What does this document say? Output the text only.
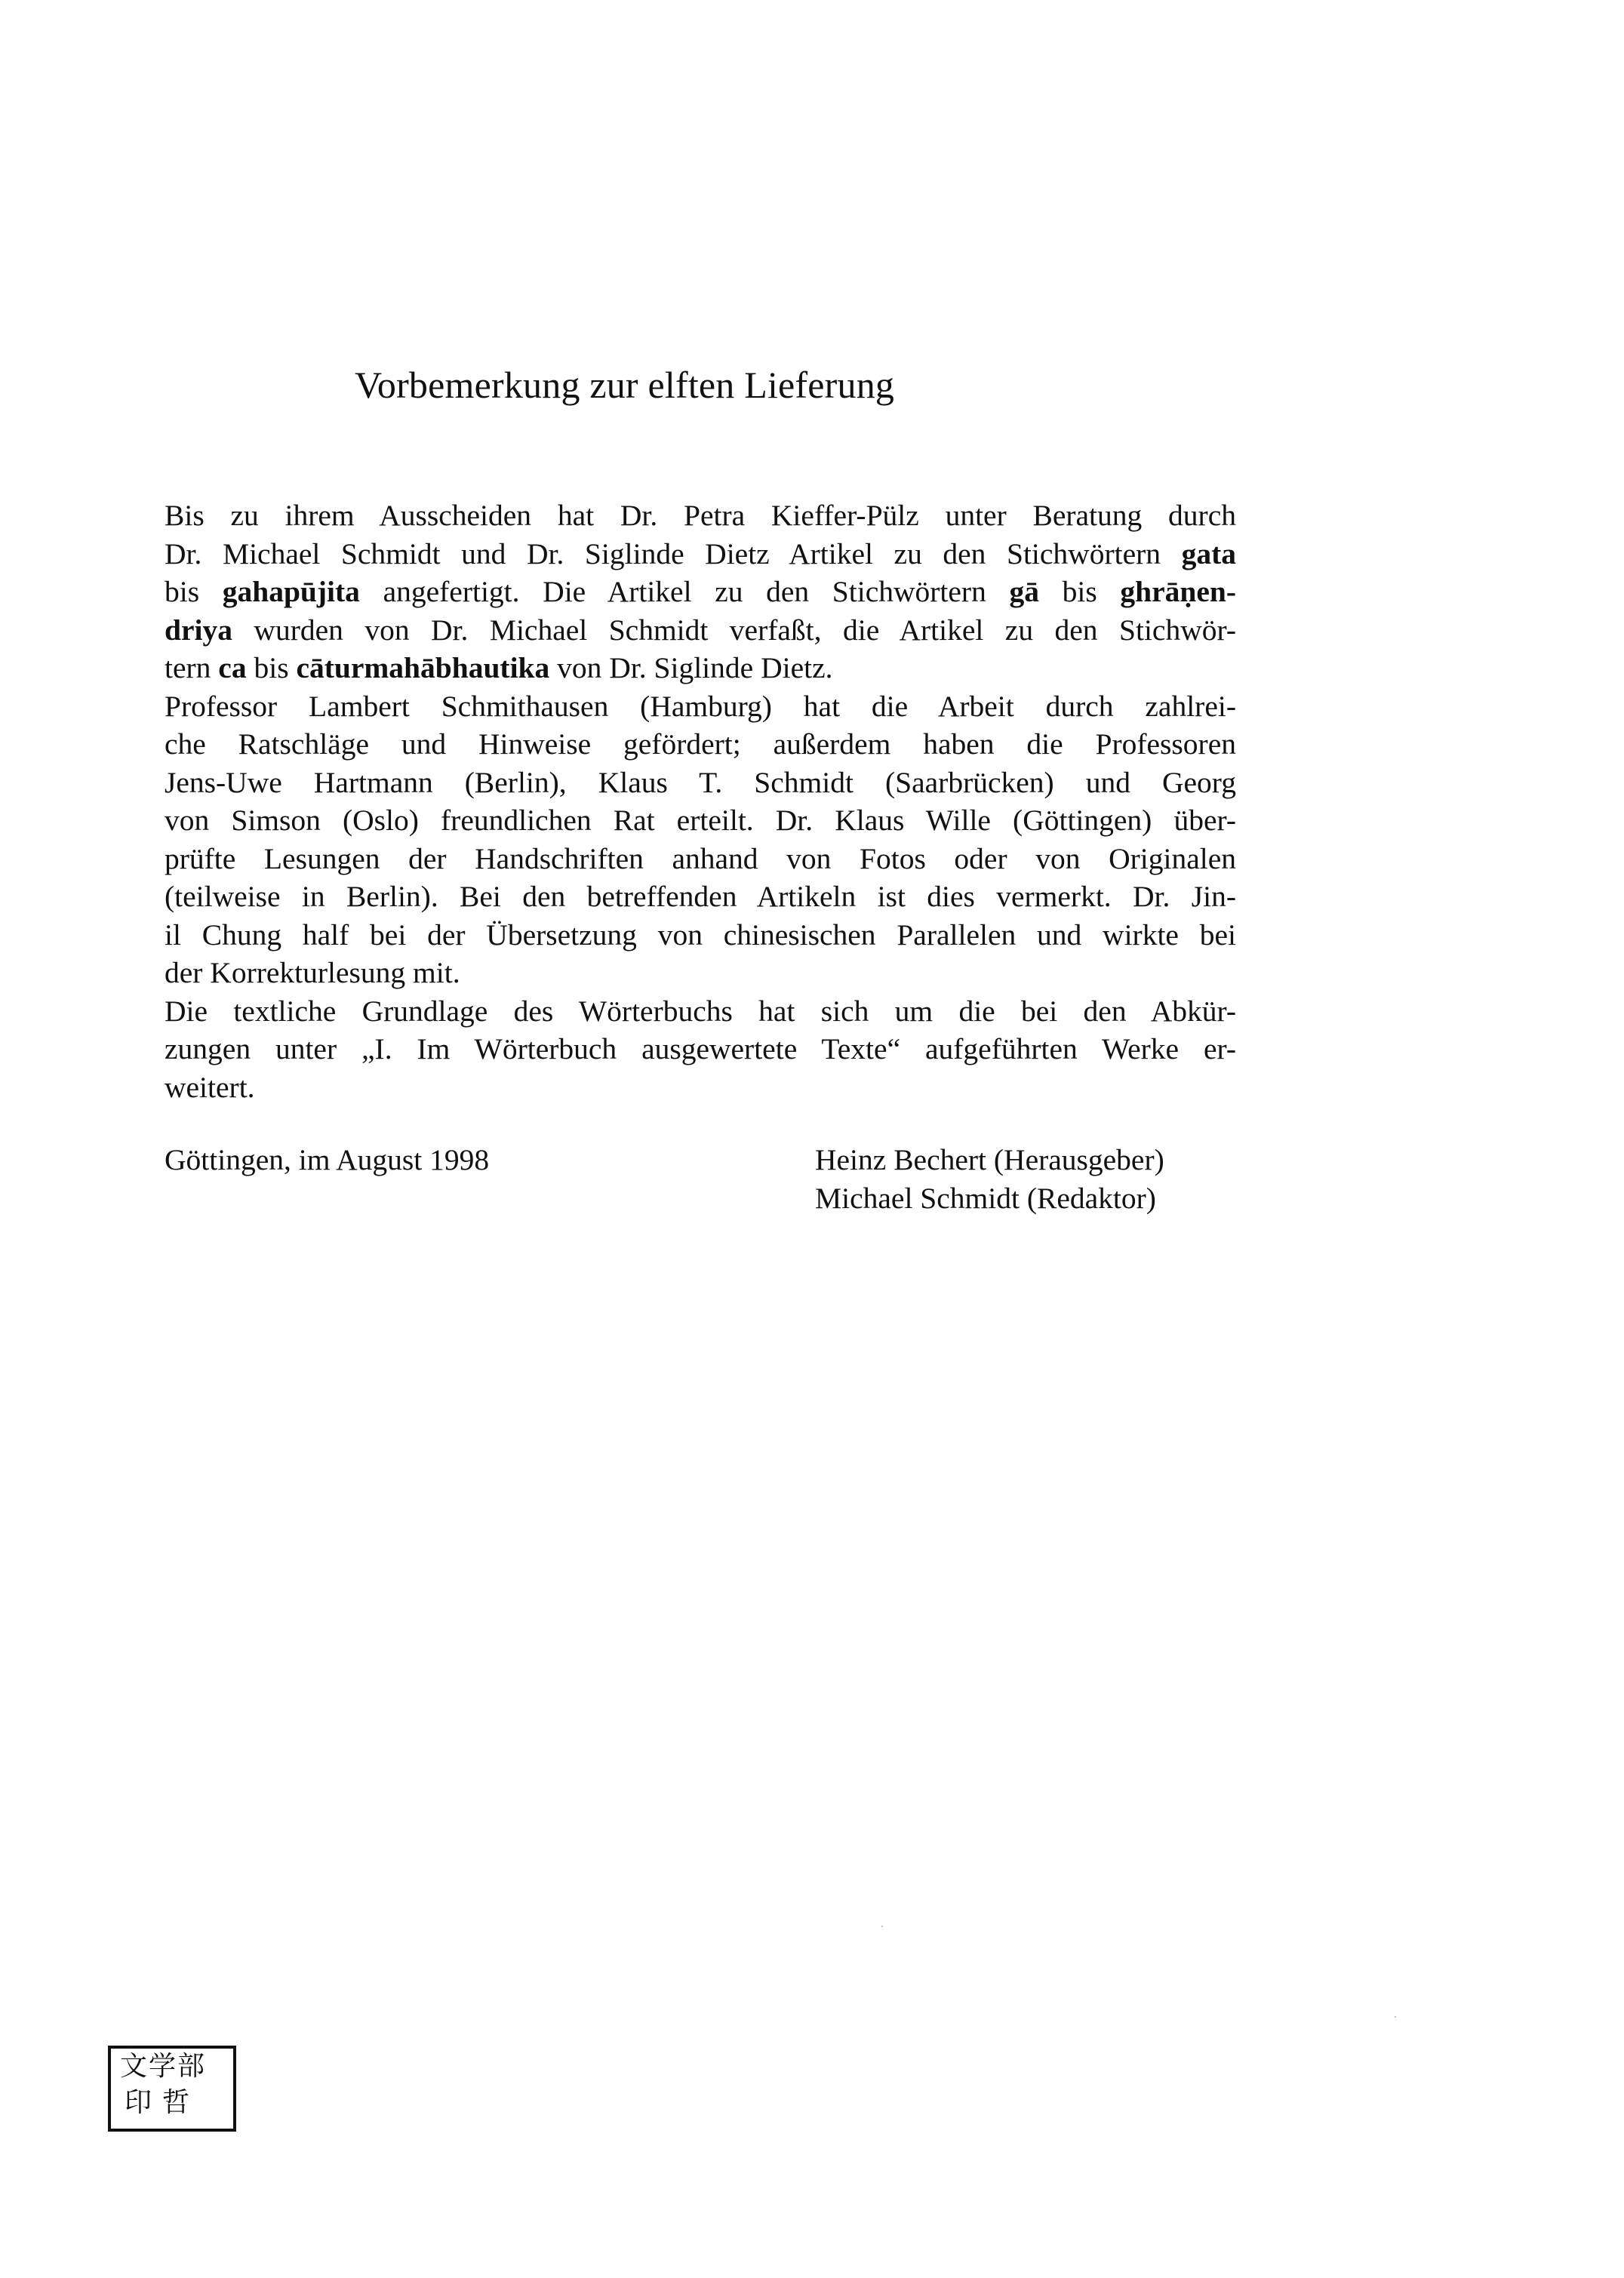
Vorbemerkung zur elften Lieferung

Bis zu ihrem Ausscheiden hat Dr. Petra Kieffer-Pülz unter Beratung durch
Dr. Michael Schmidt und Dr. Siglinde Dietz Artikel zu den Stichwörtern gata
bis gahapūjita angefertigt. Die Artikel zu den Stichwörtern gā bis ghrāṇen-
driya wurden von Dr. Michael Schmidt verfaßt, die Artikel zu den Stichwör-
tern ca bis cāturmahābhautika von Dr. Siglinde Dietz.

Professor Lambert Schmithausen (Hamburg) hat die Arbeit durch zahlrei-
che Ratschläge und Hinweise gefördert; außerdem haben die Professoren
Jens-Uwe Hartmann (Berlin), Klaus T. Schmidt (Saarbrücken) und Georg
von Simson (Oslo) freundlichen Rat erteilt. Dr. Klaus Wille (Göttingen) über-
prüfte Lesungen der Handschriften anhand von Fotos oder von Originalen
(teilweise in Berlin). Bei den betreffenden Artikeln ist dies vermerkt. Dr. Jin-
il Chung half bei der Übersetzung von chinesischen Parallelen und wirkte bei
der Korrekturlesung mit.

Die textliche Grundlage des Wörterbuchs hat sich um die bei den Abkür-
zungen unter „I. Im Wörterbuch ausgewertete Texte“ aufgeführten Werke er-
weitert.

Göttingen, im August 1998	Heinz Bechert (Herausgeber)
Michael Schmidt (Redaktor)
文学部
印哲
